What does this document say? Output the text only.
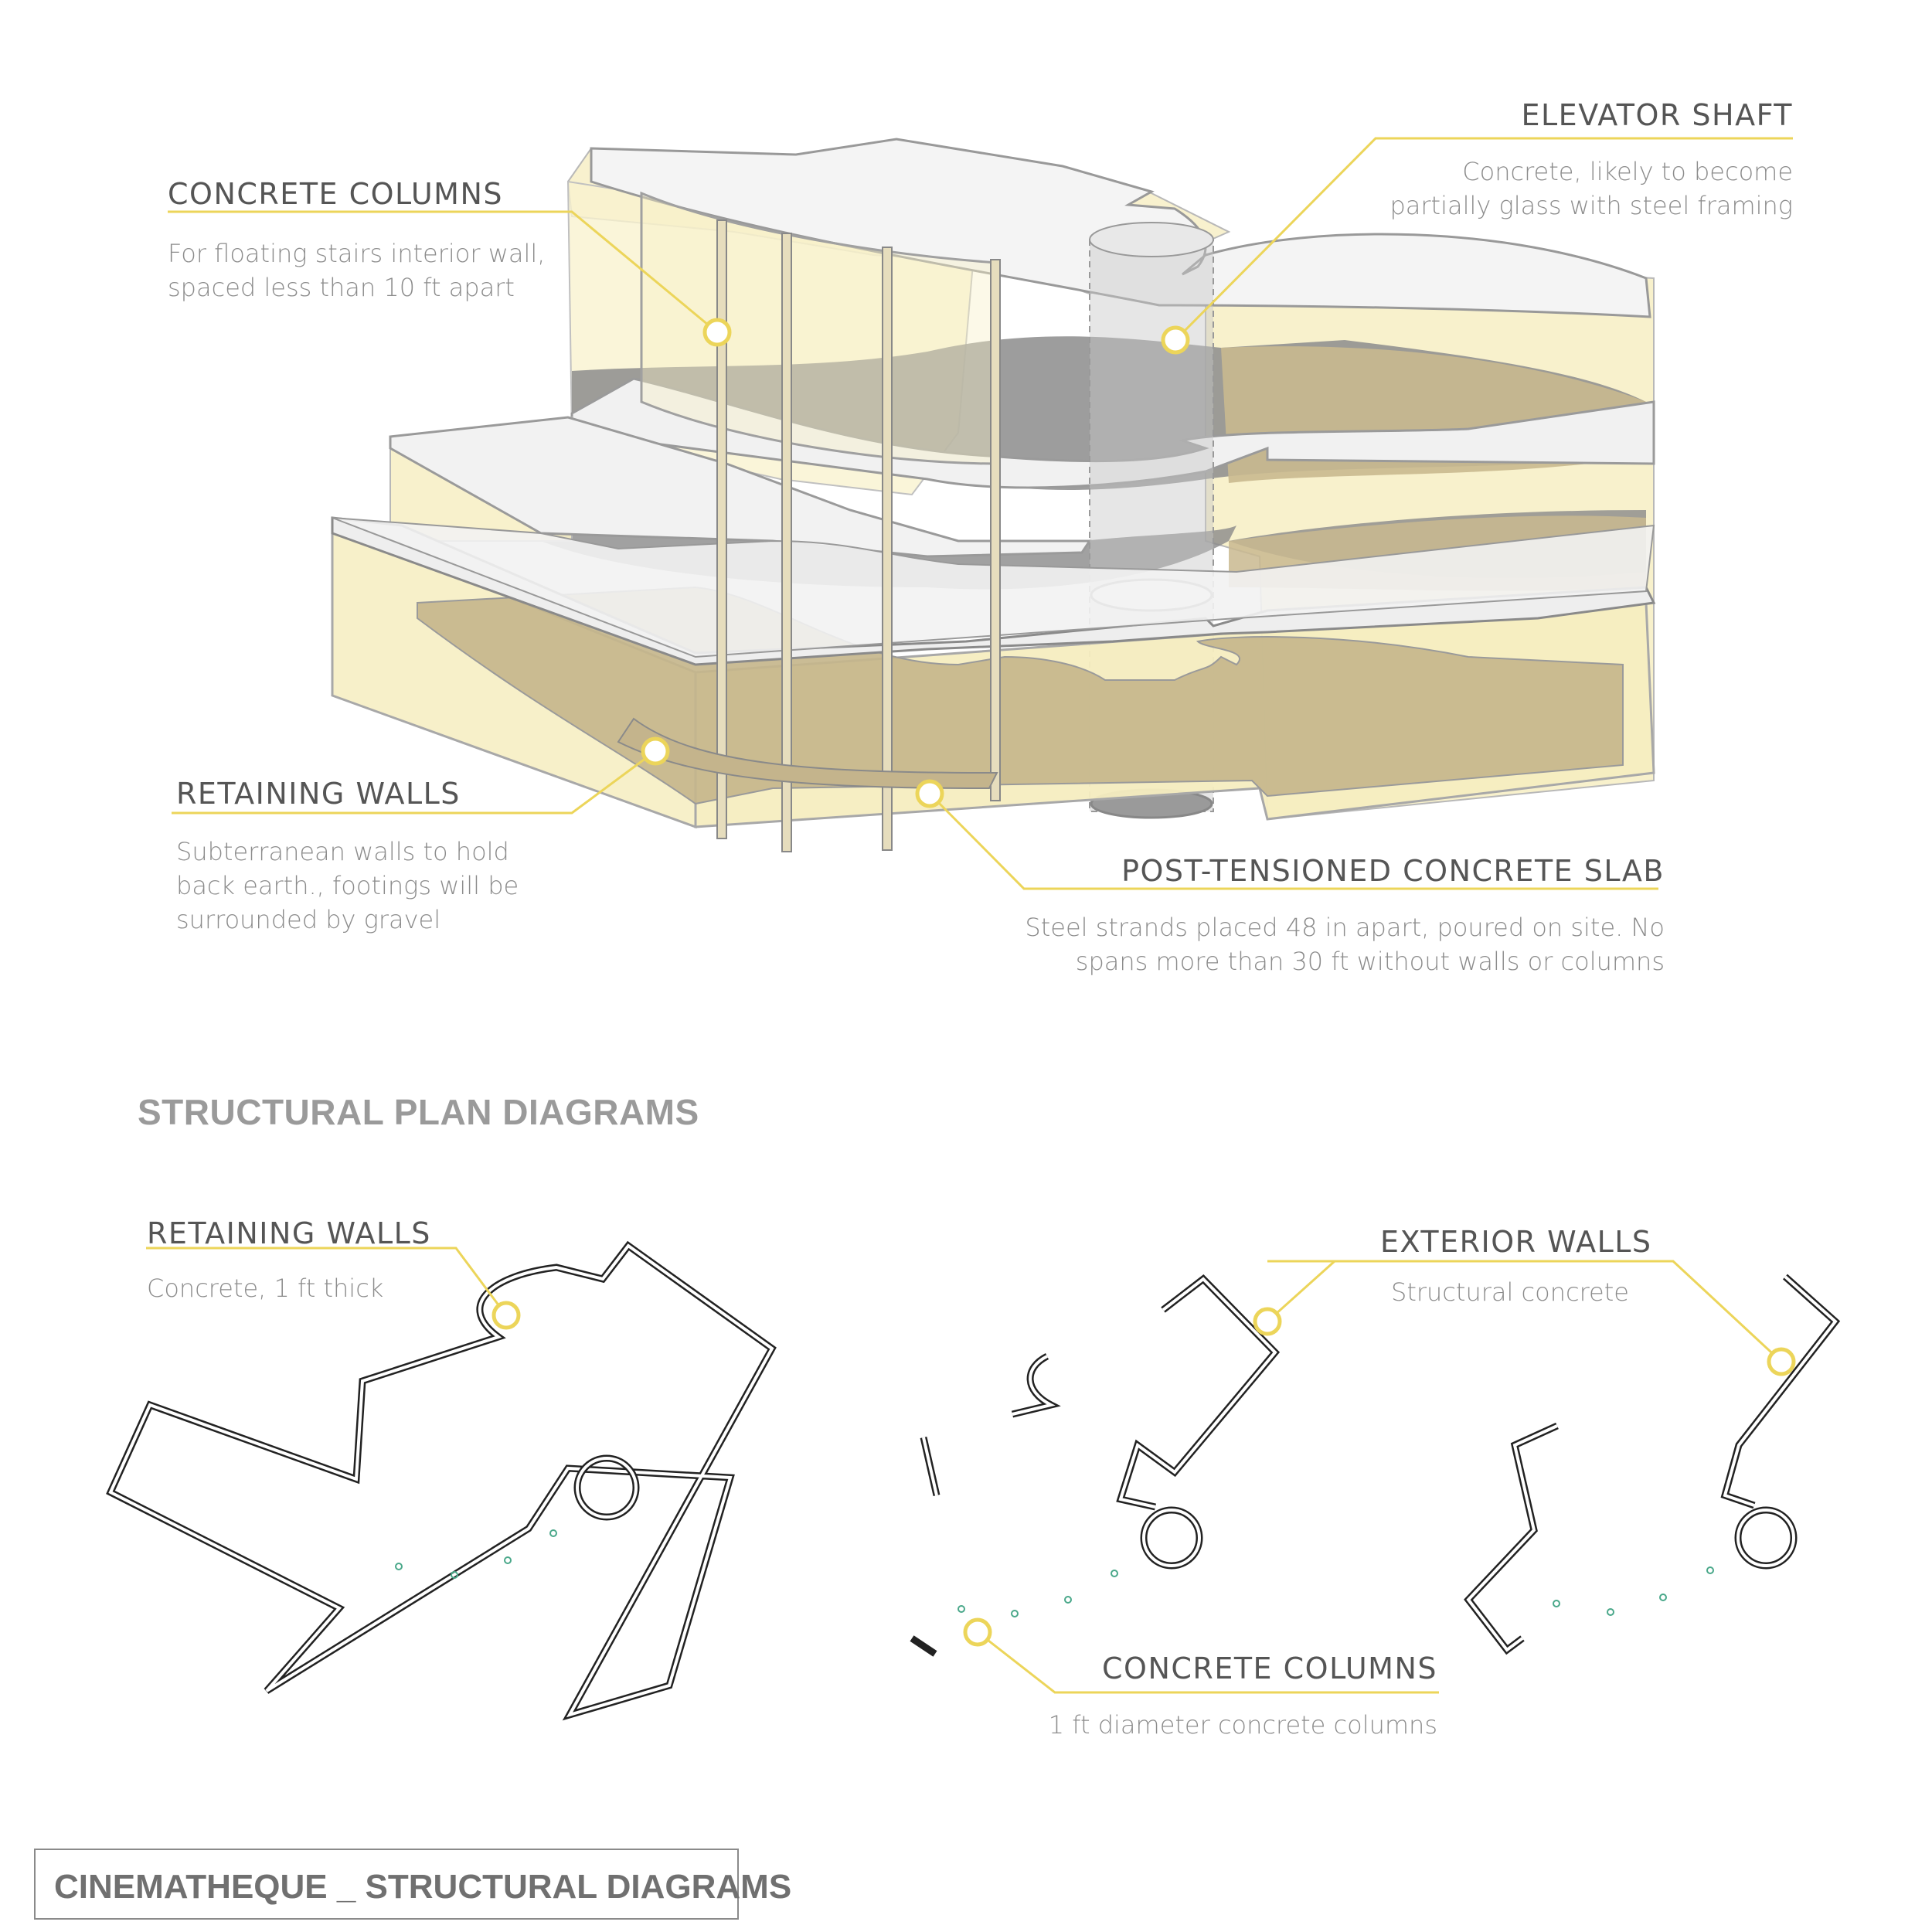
CONCRETE COLUMNS
For floating stairs interior wall,
spaced less than 10 ft apart
ELEVATOR SHAFT
Concrete, likely to become
partially glass with steel framing
RETAINING WALLS
Subterranean walls to hold
back earth., footings will be
surrounded by gravel
POST-TENSIONED CONCRETE SLAB
Steel strands placed 48 in apart, poured on site. No
spans more than 30 ft without walls or columns
STRUCTURAL PLAN DIAGRAMS
RETAINING WALLS
Concrete, 1 ft thick
EXTERIOR WALLS
Structural concrete
CONCRETE COLUMNS
1 ft diameter concrete columns
CINEMATHEQUE _ STRUCTURAL DIAGRAMS
